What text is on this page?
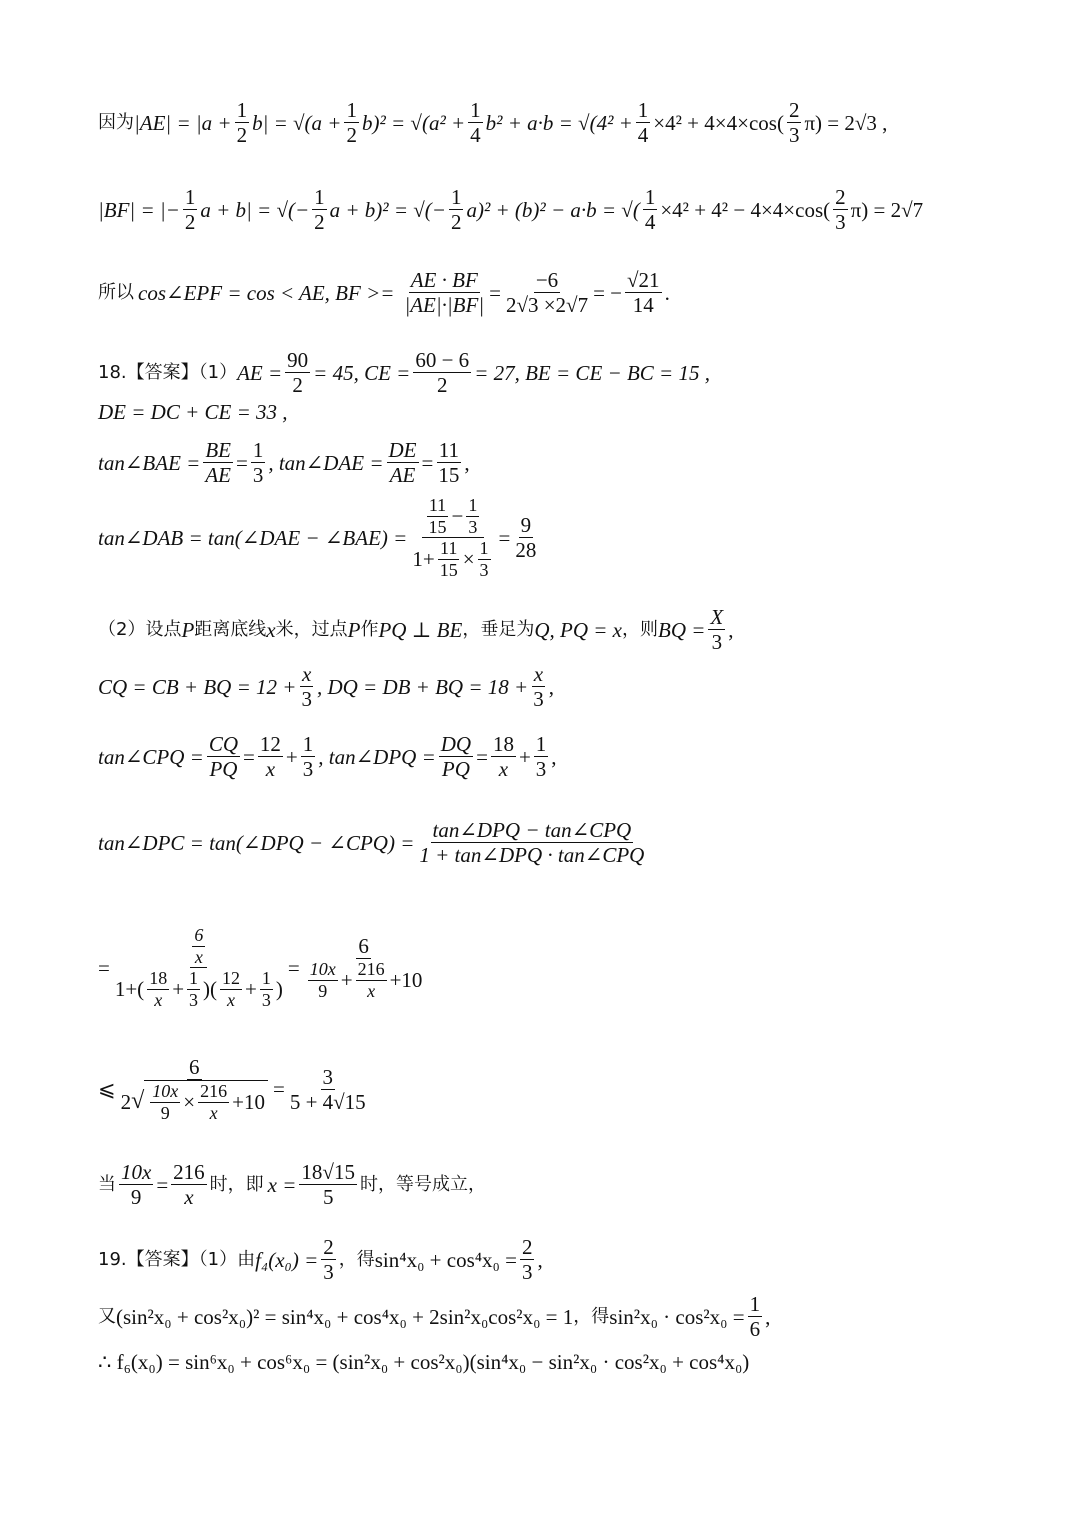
因为 $|AE| = |a + \frac{1}{2} b| = √(a + \frac{1}{2} b)^2 = √(a^2 + \frac{1}{4} b^2 + a\cdot b = √(4^2 + \frac{1}{4} \times 4^2 + 4\times 4\times\cos( \frac{2}{3} \pi) = 2√3$ ,
|BF| = |− $\frac{1}{2}$ a + b| = √(− $\frac{1}{2}$ a + b)² = √(− $\frac{1}{2} a)^2 + (b)^2 - a\cdot b$ = √( $\frac{1}{4} \times 4^2 + 4^2 - 4\times 4\times\cos( \frac{2}{3} \pi) = 2√7$
所以 cos∠EPF = cos < AE, BF >= $\frac{AE \cdot BF}{|AE|\cdot|BF|} = \frac{-6}{2√3 \times 2√7}$ = − $\frac{√21}{14}$ .
18.【答案】（1） AE = $\frac{90}{2} = 45$, CE = $\frac{60 - 6}{2} = 27$, BE = CE − BC = 15 ,
DE = DC + CE = 33 ,
tan∠BAE = $\frac{BE}{AE} = \frac{1}{3}$ , tan∠DAE = $\frac{DE}{AE} = \frac{11}{15}$ ,
tan∠DAB = tan(∠DAE − ∠BAE) = $\frac{\frac{11}{15} - \frac{1}{3}}{1+ \frac{11}{15} \times \frac{1}{3}} = \frac{9}{28}$
（2）设点 P 距离底线 x 米，过点 P 作 PQ ⊥ BE ，垂足为 Q, PQ = x ，则 BQ = $\frac{X}{3}$ ,
CQ = CB + BQ = $12 + \frac{x}{3}$ , DQ = DB + BQ = $18 + \frac{x}{3}$ ,
tan∠CPQ = $\frac{CQ}{PQ} = \frac{12}{x} + \frac{1}{3}$ , tan∠DPQ = $\frac{DQ}{PQ} = \frac{18}{x} + \frac{1}{3}$ ,
tan∠DPC = tan(∠DPQ − ∠CPQ) = $\frac{\text{tan∠DPQ − tan∠CPQ}}{\text{1 + tan∠DPQ · tan∠CPQ}}$
=	$\frac{6}{x}$
$1+( \frac{18}{x} + \frac{1}{3}$ )( $\frac{12}{x} + \frac{1}{3}$ )
= $\frac{6}{\frac{10x}{9} + \frac{216}{x} +10}$
⩽
6
2 √ $\frac{10x}{9} \times \frac{216}{x} +10$
= $\frac{3}{5 + 4√15}$
当 $\frac{10x}{9} = \frac{216}{x}$ 时，即 $x = \frac{18√15}{5}$ 时，等号成立，
19.【答案】（1）由 $f_4(x_0) = \frac{2}{3}$ ，得 $\sin^4x_0 + \cos^4x_0 = \frac{2}{3}$ ,
又 (sin²x₀ + cos²x₀)² = sin⁴x₀ + cos⁴x₀ + 2sin²x₀cos²x₀ = 1 ，得 $\sin^2x_0 \cdot \cos^2x_0 = \frac{1}{6}$ ,
∴ f₆(x₀) = sin⁶x₀ + cos⁶x₀ = (sin²x₀ + cos²x₀)(sin⁴x₀ − sin²x₀ · cos²x₀ + cos⁴x₀)
